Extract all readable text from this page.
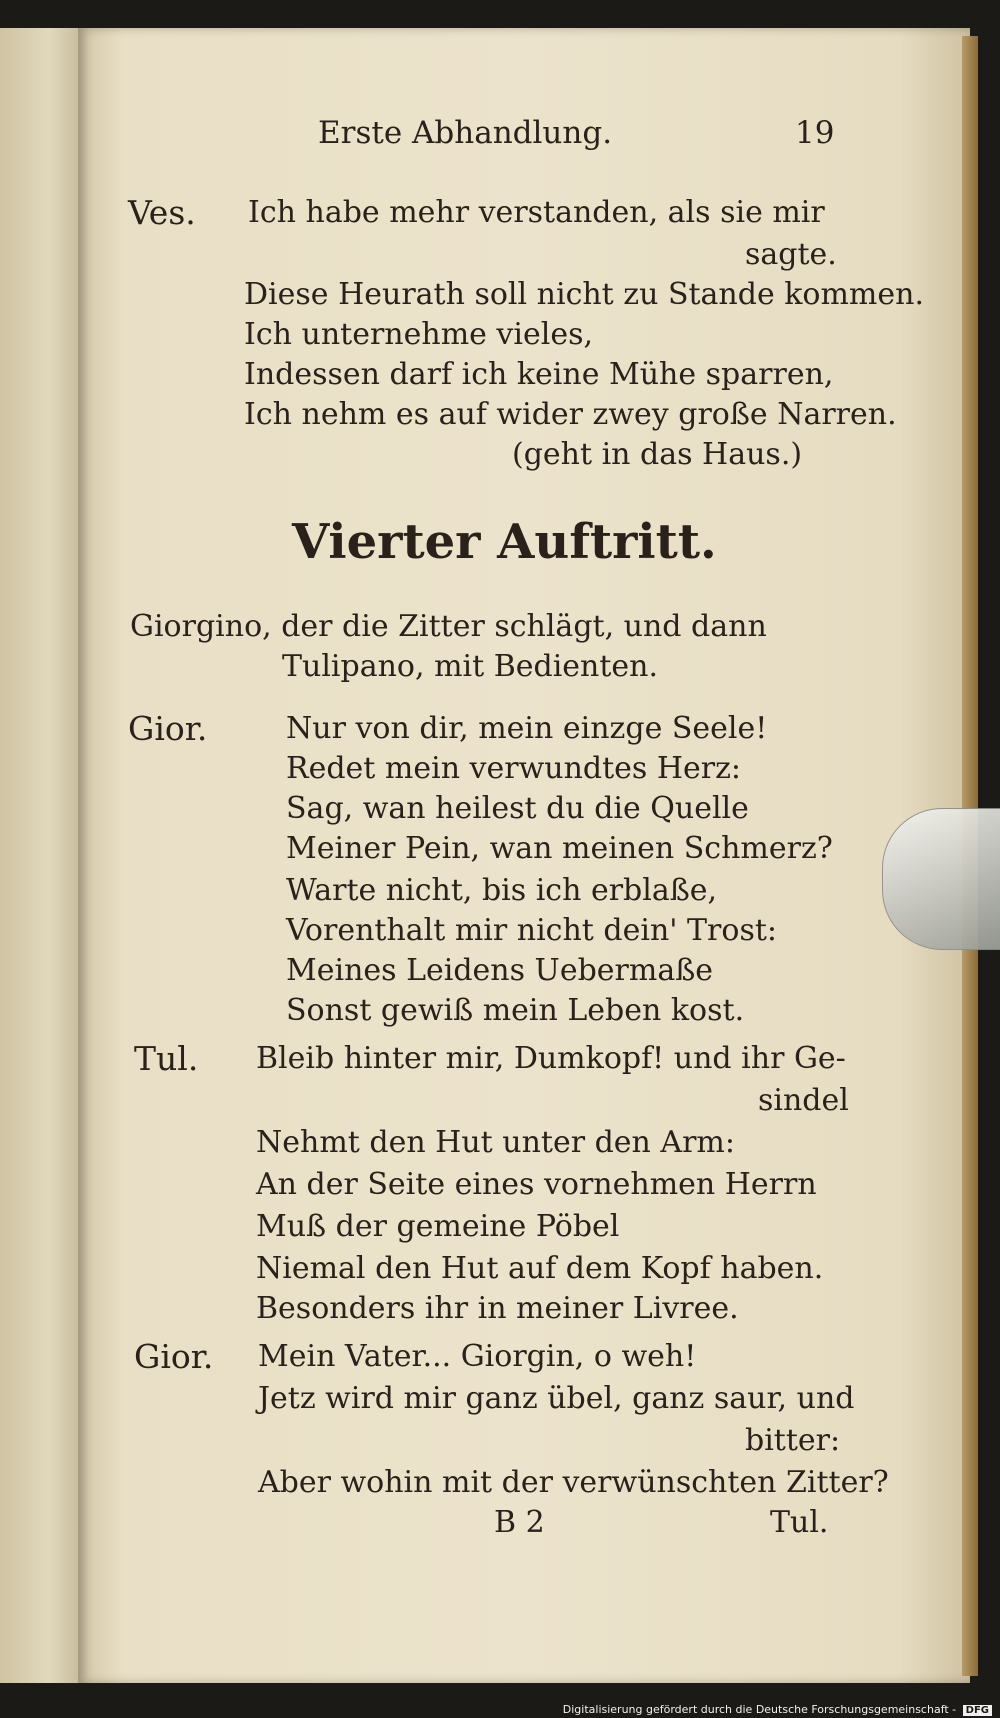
Erste Abhandlung.	19
Ves. Ich habe mehr verstanden, als sie mir
sagte.
Diese Heurath soll nicht zu Stande kommen.
Ich unternehme vieles,
Indessen darf ich keine Mühe sparren,
Ich nehm es auf wider zwey große Narren.
(geht in das Haus.)
Vierter Auftritt.
Giorgino, der die Zitter schlägt, und dann
Tulipano, mit Bedienten.
Gior.	Nur von dir, mein einzge Seele!
Redet mein verwundtes Herz:
Sag, wan heilest du die Quelle
Meiner Pein, wan meinen Schmerz?
Warte nicht, bis ich erblaße,
Vorenthalt mir nicht dein' Trost:
Meines Leidens Uebermaße
Sonst gewiß mein Leben kost.
Tul. Bleib hinter mir, Dumkopf! und ihr Ge-
sindel
Nehmt den Hut unter den Arm:
An der Seite eines vornehmen Herrn
Muß der gemeine Pöbel
Niemal den Hut auf dem Kopf haben.
Besonders ihr in meiner Livree.
Gior. Mein Vater... Giorgin, o weh!
Jetz wird mir ganz übel, ganz saur, und
bitter:
Aber wohin mit der verwünschten Zitter?
B 2	Tul.
Digitalisierung gefördert durch die Deutsche Forschungsgemeinschaft - DFG
